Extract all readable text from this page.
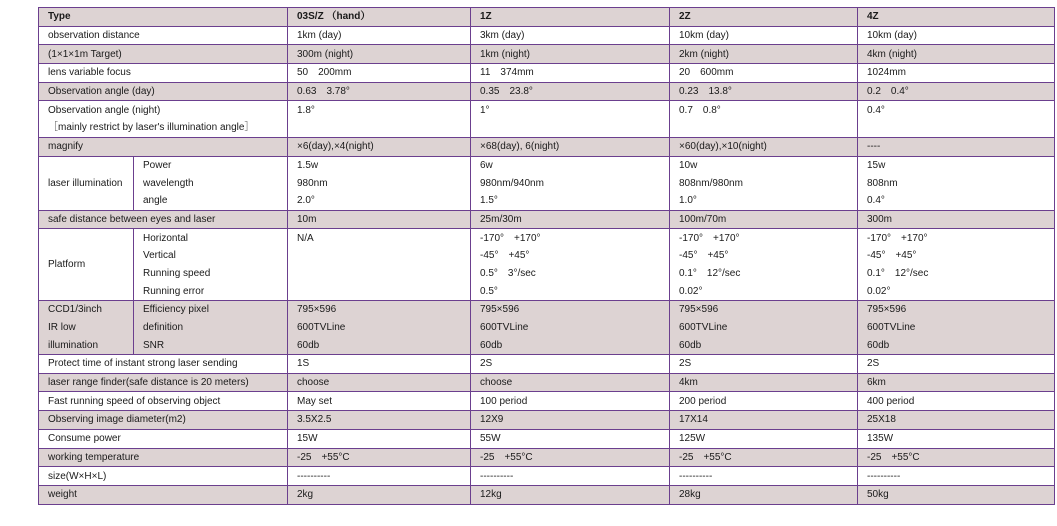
Type		03S/Z （hand）	1Z	2Z	4Z
observation distance		1km (day)	3km (day)	10km (day)	10km (day)
(1×1×1m Target)		300m (night)	1km (night)	2km (night)	4km (night)
lens variable focus		50　200mm	11　374mm	20　600mm	1024mm
Observation angle (day)		0.63　3.78°	0.35　23.8°	0.23　13.8°	0.2　0.4°
Observation angle (night)		1.8°	1°	0.7　0.8°	0.4°
［mainly restrict by laser's illumination angle］					
magnify		×6(day),×4(night)	×68(day), 6(night)	×60(day),×10(night)	----
laser illumination	Power	1.5w	6w	10w	15w
	wavelength	980nm	980nm/940nm	808nm/980nm	808nm
	angle	2.0°	1.5°	1.0°	0.4°
safe distance between eyes and laser		10m	25m/30m	100m/70m	300m
Platform	Horizontal	N/A	-170°　+170°	-170°　+170°	-170°　+170°
	Vertical		-45°　+45°	-45°　+45°	-45°　+45°
	Running speed		0.5°　3°/sec	0.1°　12°/sec	0.1°　12°/sec
	Running error		0.5°	0.02°	0.02°
CCD1/3inch	Efficiency pixel	795×596	795×596	795×596	795×596
IR low	definition	600TVLine	600TVLine	600TVLine	600TVLine
illumination	SNR	60db	60db	60db	60db
Protect time of instant strong laser sending		1S	2S	2S	2S
laser range finder(safe distance is 20 meters)		choose	choose	4km	6km
Fast running speed of observing object		May set	100 period	200 period	400 period
Observing image diameter(m2)		3.5X2.5	12X9	17X14	25X18
Consume power		15W	55W	125W	135W
working temperature		-25　+55°C	-25　+55°C	-25　+55°C	-25　+55°C
size(W×H×L)		----------	----------	----------	----------
weight		2kg	12kg	28kg	50kg
